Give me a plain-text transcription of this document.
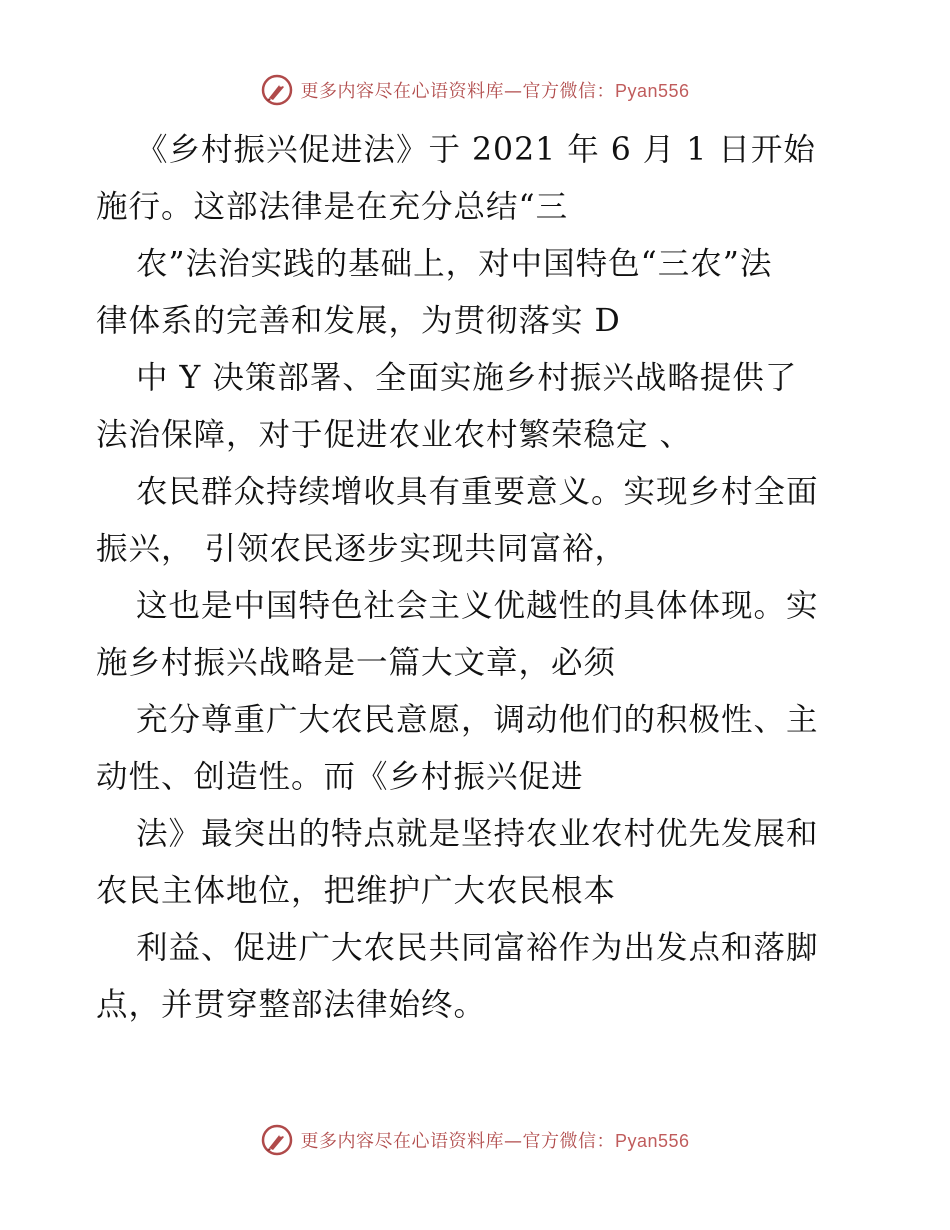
更多内容尽在心语资料库—官方微信：Pyan556
《乡村振兴促进法》于 2021 年 6 月 1 日开始
施行。这部法律是在充分总结“三
农”法治实践的基础上，对中国特色“三农”法
律体系的完善和发展，为贯彻落实 D
中 Y 决策部署、全面实施乡村振兴战略提供了
法治保障，对于促进农业农村繁荣稳定 、
农民群众持续增收具有重要意义。实现乡村全面
振兴， 引领农民逐步实现共同富裕，
这也是中国特色社会主义优越性的具体体现。实
施乡村振兴战略是一篇大文章，必须
充分尊重广大农民意愿，调动他们的积极性、主
动性、创造性。而《乡村振兴促进
法》最突出的特点就是坚持农业农村优先发展和
农民主体地位，把维护广大农民根本
利益、促进广大农民共同富裕作为出发点和落脚
点，并贯穿整部法律始终。
更多内容尽在心语资料库—官方微信：Pyan556
